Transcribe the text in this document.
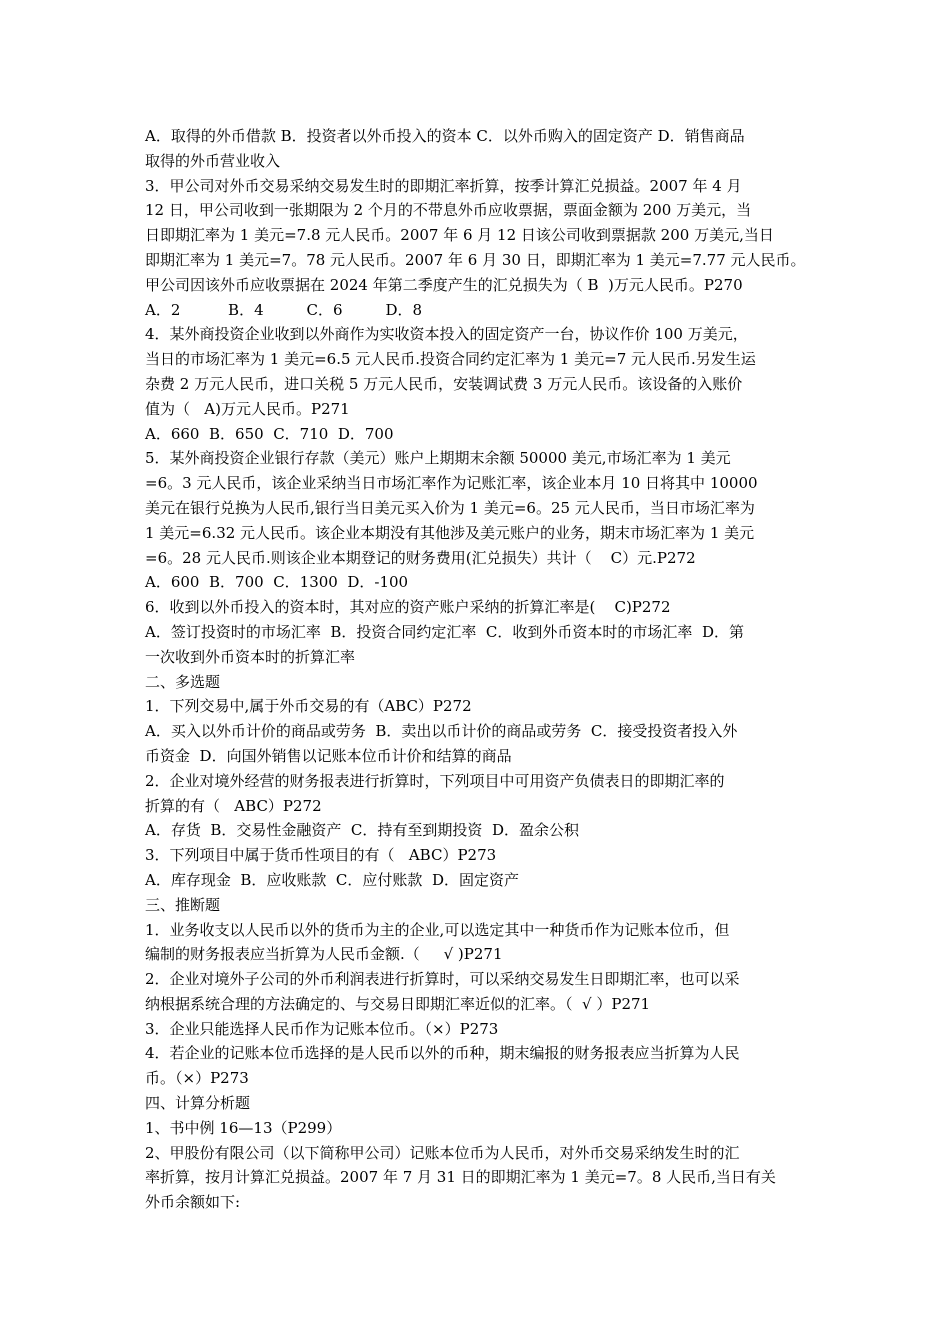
A．取得的外币借款 B．投资者以外币投入的资本 C．以外币购入的固定资产 D．销售商品
取得的外币营业收入
3．甲公司对外币交易采纳交易发生时的即期汇率折算，按季计算汇兑损益。2007 年 4 月
12 日，甲公司收到一张期限为 2 个月的不带息外币应收票据，票面金额为 200 万美元，当
日即期汇率为 1 美元=7.8 元人民币。2007 年 6 月 12 日该公司收到票据款 200 万美元,当日
即期汇率为 1 美元=7。78 元人民币。2007 年 6 月 30 日，即期汇率为 1 美元=7.77 元人民币。
甲公司因该外币应收票据在 2024 年第二季度产生的汇兑损失为（ B  )万元人民币。P270
A．2          B．4         C．6         D．8
4．某外商投资企业收到以外商作为实收资本投入的固定资产一台，协议作价 100 万美元，
当日的市场汇率为 1 美元=6.5 元人民币.投资合同约定汇率为 1 美元=7 元人民币.另发生运
杂费 2 万元人民币，进口关税 5 万元人民币，安装调试费 3 万元人民币。该设备的入账价
值为（   A)万元人民币。P271
A．660  B．650  C．710  D．700
5．某外商投资企业银行存款（美元）账户上期期末余额 50000 美元,市场汇率为 1 美元
=6。3 元人民币，该企业采纳当日市场汇率作为记账汇率，该企业本月 10 日将其中 10000
美元在银行兑换为人民币,银行当日美元买入价为 1 美元=6。25 元人民币，当日市场汇率为
1 美元=6.32 元人民币。该企业本期没有其他涉及美元账户的业务，期末市场汇率为 1 美元
=6。28 元人民币.则该企业本期登记的财务费用(汇兑损失）共计（    C）元.P272
A．600  B．700  C．1300  D．-100
6．收到以外币投入的资本时，其对应的资产账户采纳的折算汇率是(    C)P272
A．签订投资时的市场汇率  B．投资合同约定汇率  C．收到外币资本时的市场汇率  D．第
一次收到外币资本时的折算汇率
二、多选题
1．下列交易中,属于外币交易的有（ABC）P272
A．买入以外币计价的商品或劳务  B．卖出以币计价的商品或劳务  C．接受投资者投入外
币资金  D．向国外销售以记账本位币计价和结算的商品
2．企业对境外经营的财务报表进行折算时，下列项目中可用资产负债表日的即期汇率的
折算的有（   ABC）P272
A．存货  B．交易性金融资产  C．持有至到期投资  D．盈余公积
3．下列项目中属于货币性项目的有（   ABC）P273
A．库存现金  B．应收账款  C．应付账款  D．固定资产
三、推断题
1．业务收支以人民币以外的货币为主的企业,可以选定其中一种货币作为记账本位币，但
编制的财务报表应当折算为人民币金额.（     √ )P271
2．企业对境外子公司的外币利润表进行折算时，可以采纳交易发生日即期汇率，也可以采
纳根据系统合理的方法确定的、与交易日即期汇率近似的汇率。（  √ ）P271
3．企业只能选择人民币作为记账本位币。（×）P273
4．若企业的记账本位币选择的是人民币以外的币种，期末编报的财务报表应当折算为人民
币。（×）P273
四、计算分析题
1、书中例 16—13（P299）
2、甲股份有限公司（以下简称甲公司）记账本位币为人民币，对外币交易采纳发生时的汇
率折算，按月计算汇兑损益。2007 年 7 月 31 日的即期汇率为 1 美元=7。8 人民币,当日有关
外币余额如下:
